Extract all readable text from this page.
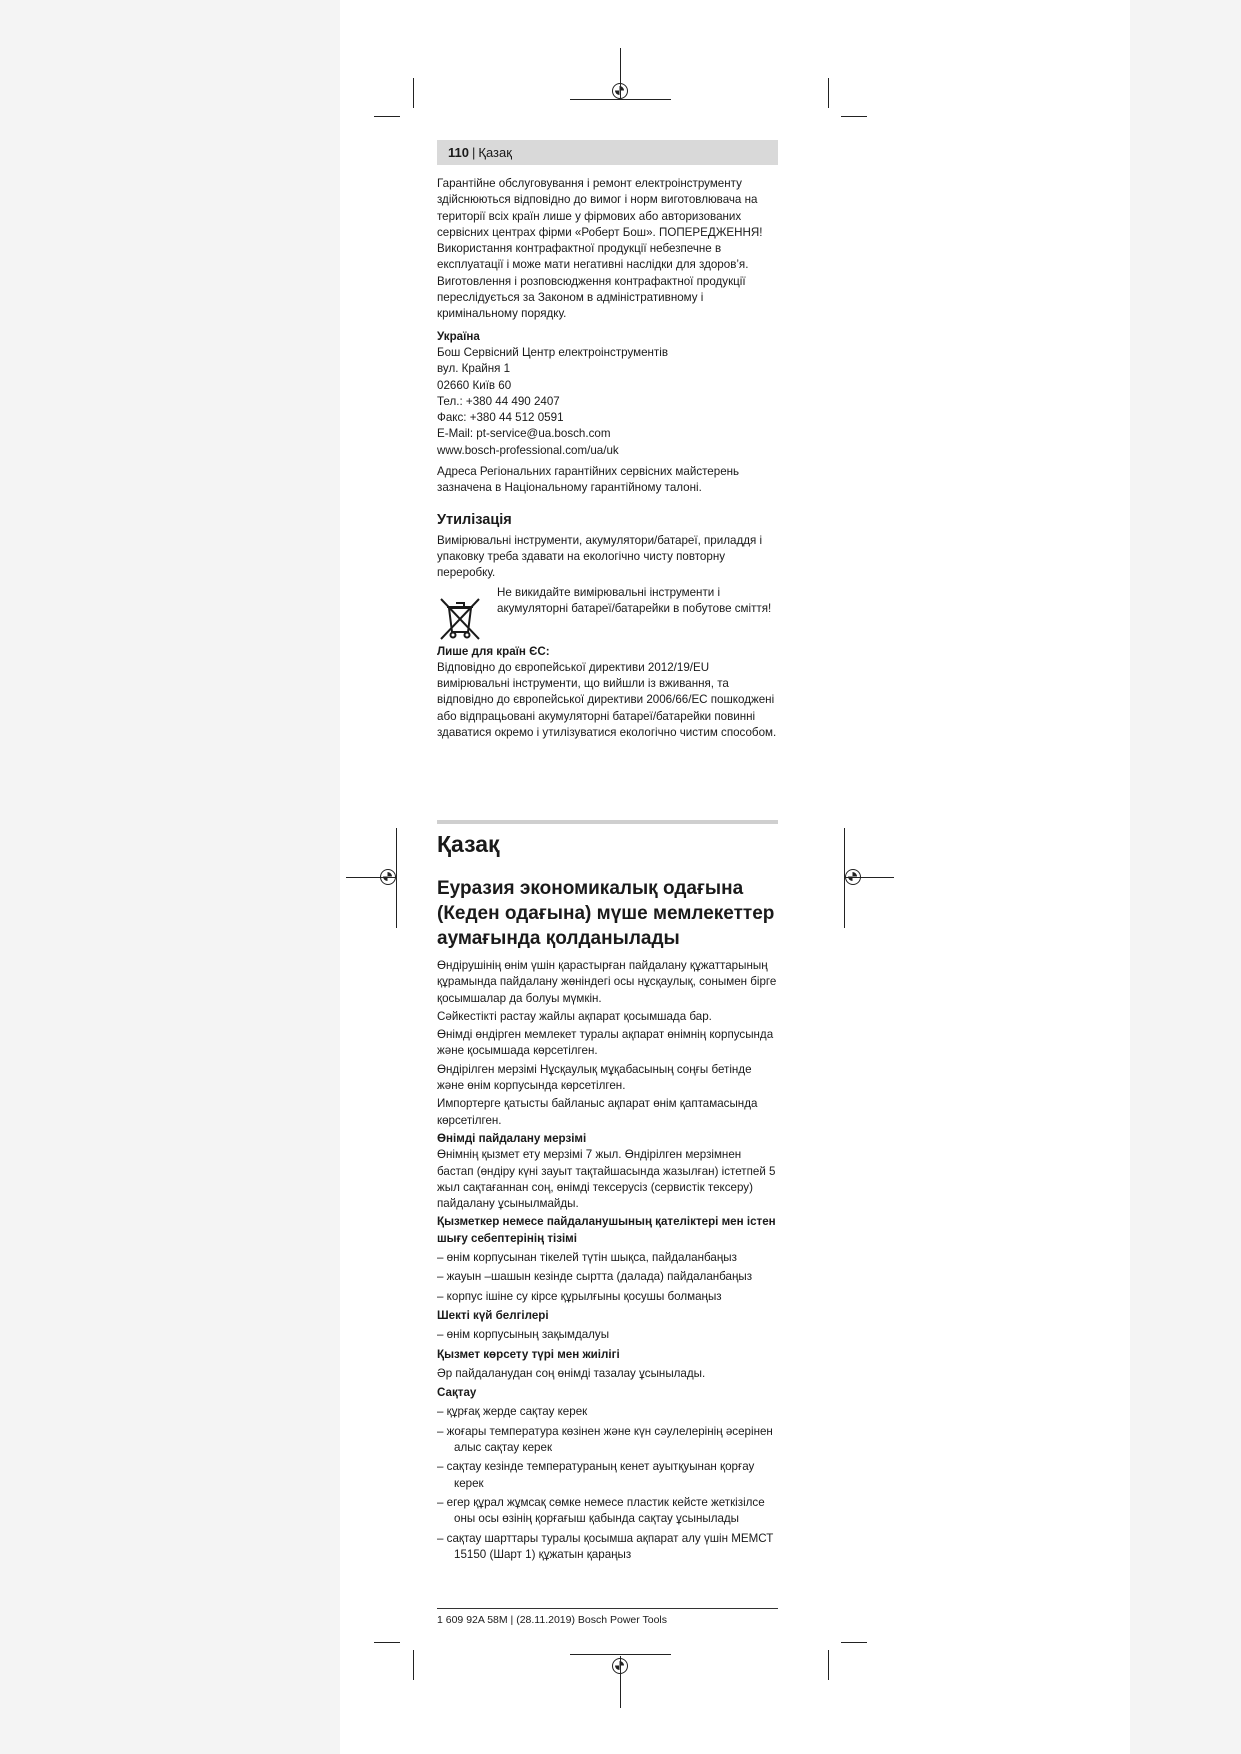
110 | Қазақ

Гарантійне обслуговування і ремонт електроінструменту здійснюються відповідно до вимог і норм виготовлювача на території всіх країн лише у фірмових або авторизованих сервісних центрах фірми «Роберт Бош». ПОПЕРЕДЖЕННЯ! Використання контрафактної продукції небезпечне в експлуатації і може мати негативні наслідки для здоров’я. Виготовлення і розповсюдження контрафактної продукції переслідується за Законом в адміністративному і кримінальному порядку.

Україна

Бош Сервісний Центр електроінструментів

вул. Крайня 1

02660 Київ 60

Тел.: +380 44 490 2407

Факс: +380 44 512 0591

E-Mail: pt-service@ua.bosch.com

www.bosch-professional.com/ua/uk

Адреса Регіональних гарантійних сервісних майстерень зазначена в Національному гарантійному талоні.

Утилізація

Вимірювальні інструменти, акумулятори/батареї, приладдя і упаковку треба здавати на екологічно чисту повторну переробку.

Не викидайте вимірювальні інструменти і акумуляторні батареї/батарейки в побутове сміття!

Лише для країн ЄС:

Відповідно до європейської директиви 2012/19/EU вимірювальні інструменти, що вийшли із вживання, та відповідно до європейської директиви 2006/66/EC пошкоджені або відпрацьовані акумуляторні батареї/батарейки повинні здаватися окремо і утилізуватися екологічно чистим способом.

Қазақ
Еуразия экономикалық одағына (Кеден одағына) мүше мемлекеттер аумағында қолданылады

Өндірушінің өнім үшін қарастырған пайдалану құжаттарының құрамында пайдалану жөніндегі осы нұсқаулық, сонымен бірге қосымшалар да болуы мүмкін.

Сәйкестікті растау жайлы ақпарат қосымшада бар.

Өнімді өндірген мемлекет туралы ақпарат өнімнің корпусында және қосымшада көрсетілген.

Өндірілген мерзімі Нұсқаулық мұқабасының соңғы бетінде және өнім корпусында көрсетілген.

Импортерге қатысты байланыс ақпарат өнім қаптамасында көрсетілген.

Өнімді пайдалану мерзімі

Өнімнің қызмет ету мерзімі 7 жыл. Өндірілген мерзімнен бастап (өндіру күні зауыт тақтайшасында жазылған) істетпей 5 жыл сақтағаннан соң, өнімді тексерусіз (сервистік тексеру) пайдалану ұсынылмайды.

Қызметкер немесе пайдаланушының қателіктері мен істен шығу себептерінің тізімі

– өнім корпусынан тікелей түтін шықса, пайдаланбаңыз

– жауын –шашын кезінде сыртта (далада) пайдаланбаңыз

– корпус ішіне су кірсе құрылғыны қосушы болмаңыз

Шекті күй белгілері

– өнім корпусының зақымдалуы

Қызмет көрсету түрі мен жиілігі

Әр пайдаланудан соң өнімді тазалау ұсынылады.

Сақтау

– құрғақ жерде сақтау керек

– жоғары температура көзінен және күн сәулелерінің әсерінен алыс сақтау керек

– сақтау кезінде температураның кенет ауытқуынан қорғау керек

– егер құрал жұмсақ сөмке немесе пластик кейсте жеткізілсе оны осы өзінің қорғағыш қабында сақтау ұсынылады

– сақтау шарттары туралы қосымша ақпарат алу үшін МЕМСТ 15150 (Шарт 1) құжатын қараңыз

1 609 92A 58M | (28.11.2019) Bosch Power Tools
